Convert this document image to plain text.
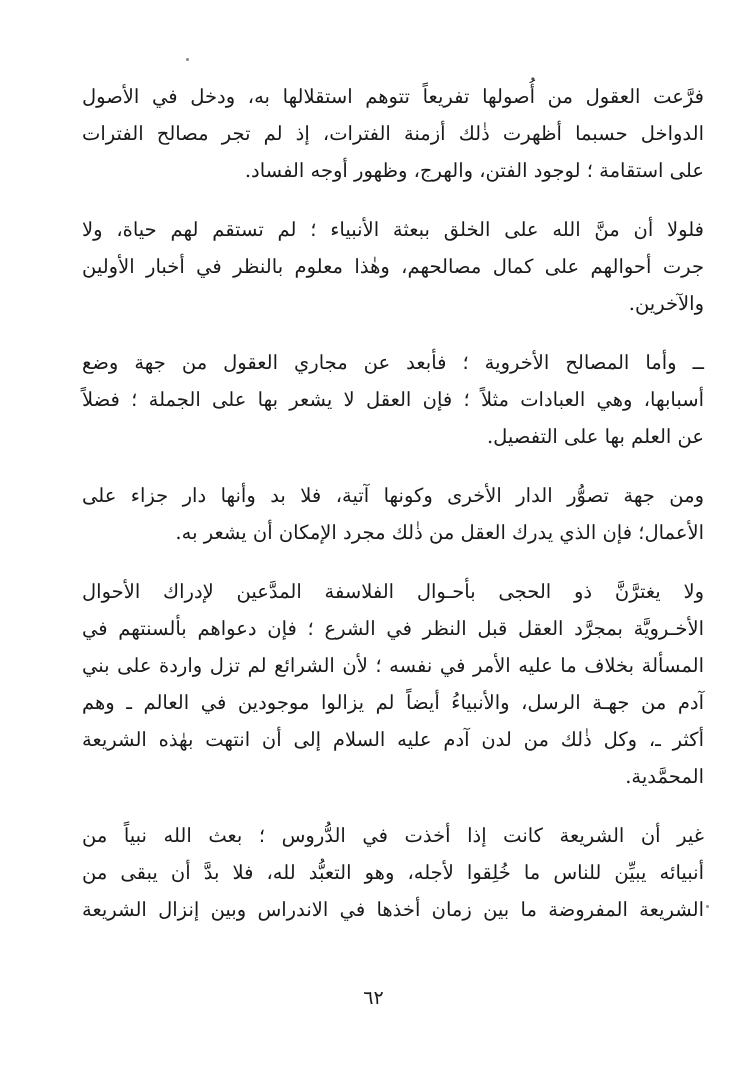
فرَّعت العقول من أُصولها تفريعاً تتوهم استقلالها به، ودخل في الأصول
الدواخل حسبما أظهرت ذٰلك أزمنة الفترات، إذ لم تجر مصالح الفترات
على استقامة ؛ لوجود الفتن، والهرج، وظهور أوجه الفساد.

فلولا أن منَّ الله على الخلق ببعثة الأنبياء ؛ لم تستقم لهم حياة، ولا
جرت أحوالهم على كمال مصالحهم، وهٰذا معلوم بالنظر في أخبار الأولين
والآخرين.

ــ وأما المصالح الأخروية ؛ فأبعد عن مجاري العقول من جهة وضع
أسبابها، وهي العبادات مثلاً ؛ فإن العقل لا يشعر بها على الجملة ؛ فضلاً
عن العلم بها على التفصيل.

ومن جهة تصوُّر الدار الأخرى وكونها آتية، فلا بد وأنها دار جزاء على
الأعمال؛ فإن الذي يدرك العقل من ذٰلك مجرد الإمكان أن يشعر به.

ولا يغترَّنَّ ذو الحجى بأحـوال الفلاسفة المدَّعين لإدراك الأحوال
الأخـرويَّة بمجرَّد العقل قبل النظر في الشرع ؛ فإن دعواهم بألسنتهم في
المسألة بخلاف ما عليه الأمر في نفسه ؛ لأن الشرائع لم تزل واردة على بني
آدم من جهـة الرسل، والأنبياءُ أيضاً لم يزالوا موجودين في العالم ـ وهم
أكثر ـ، وكل ذٰلك من لدن آدم عليه السلام إلى أن انتهت بهٰذه الشريعة
المحمَّدية.

غير أن الشريعة كانت إذا أخذت في الدُّروس ؛ بعث الله نبياً من
أنبيائه يبيِّن للناس ما خُلِقوا لأجله، وهو التعبُّد لله، فلا بدَّ أن يبقى من
الشريعة المفروضة ما بين زمان أخذها في الاندراس وبين إنزال الشريعة

٦٢
